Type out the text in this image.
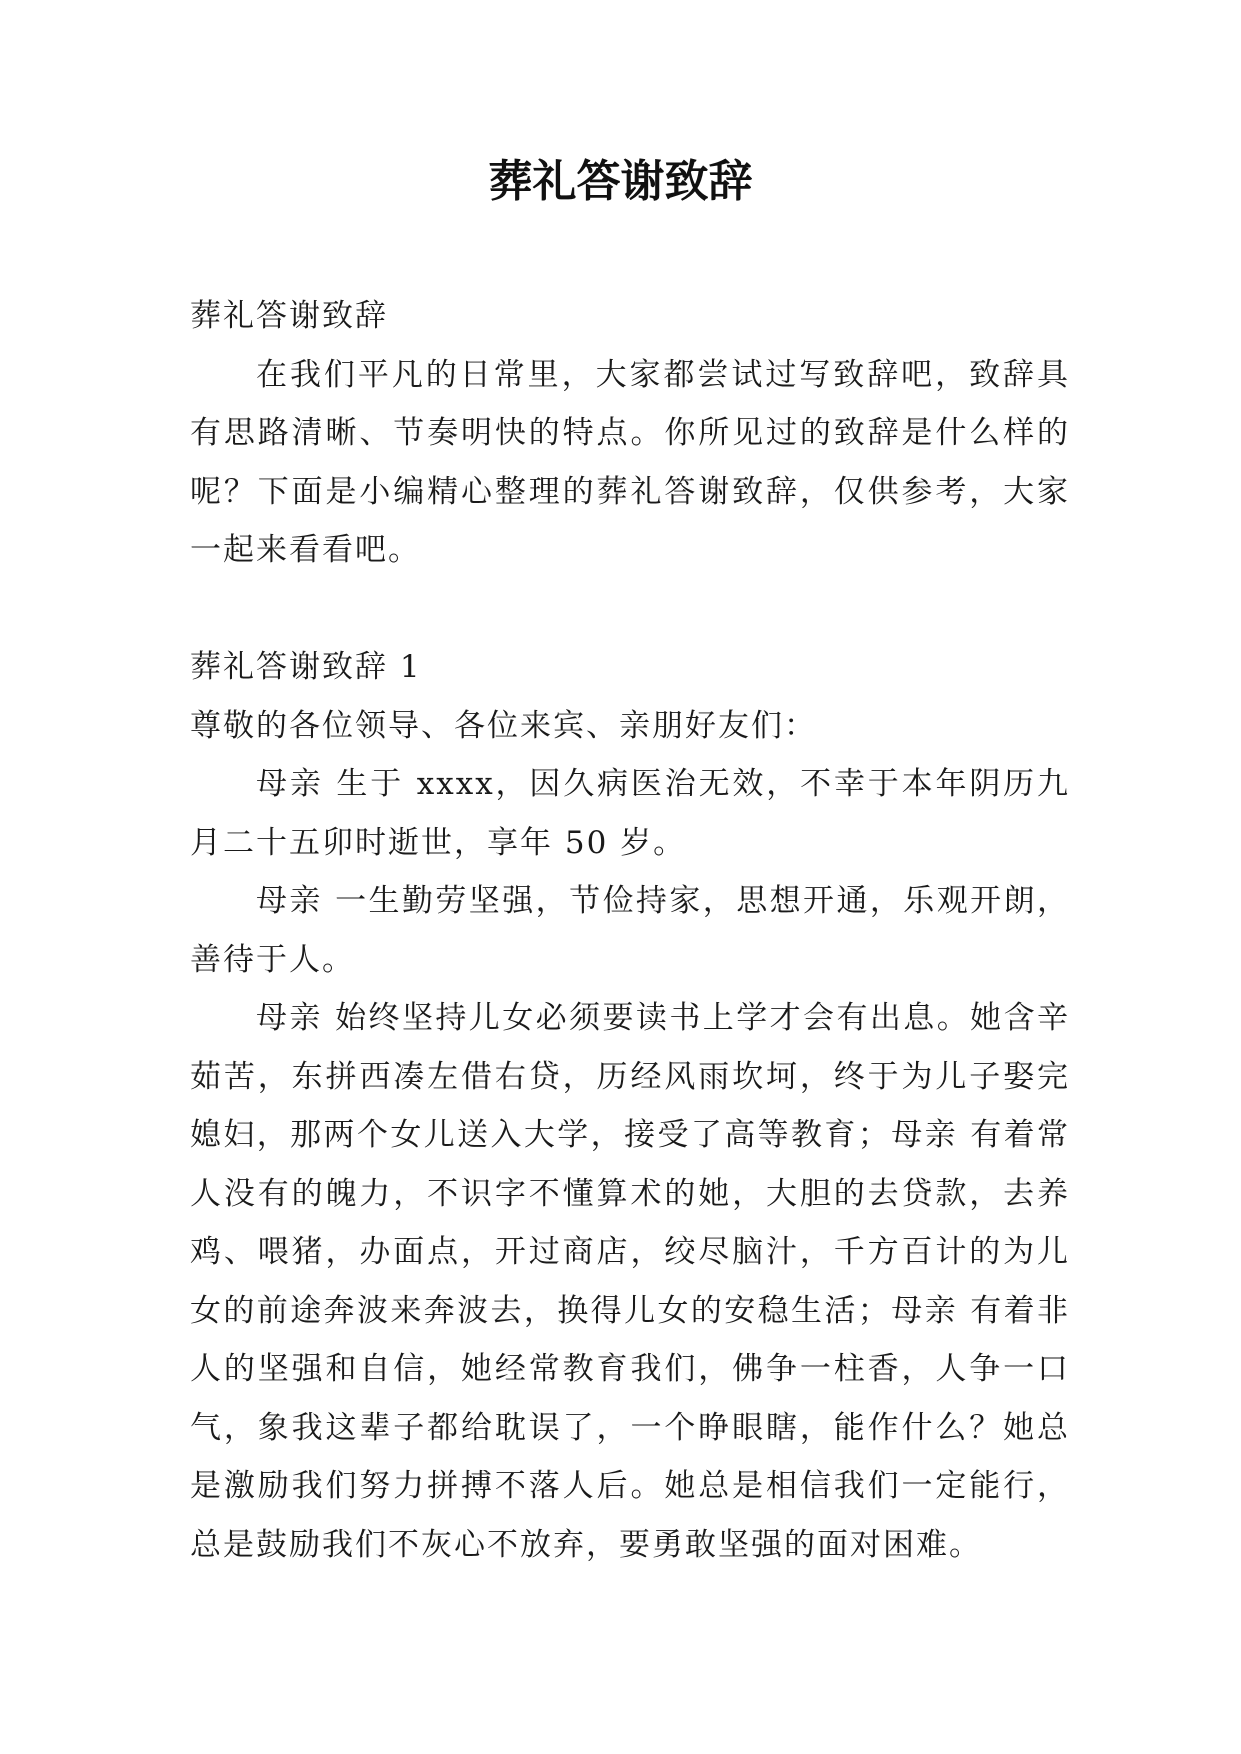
葬礼答谢致辞

葬礼答谢致辞

在我们平凡的日常里，大家都尝试过写致辞吧，致辞具有思路清晰、节奏明快的特点。你所见过的致辞是什么样的呢？下面是小编精心整理的葬礼答谢致辞，仅供参考，大家一起来看看吧。

葬礼答谢致辞 1

尊敬的各位领导、各位来宾、亲朋好友们：

母亲 生于 xxxx，因久病医治无效，不幸于本年阴历九月二十五卯时逝世，享年 50 岁。

母亲 一生勤劳坚强，节俭持家，思想开通，乐观开朗，善待于人。

母亲 始终坚持儿女必须要读书上学才会有出息。她含辛茹苦，东拼西凑左借右贷，历经风雨坎坷，终于为儿子娶完媳妇，那两个女儿送入大学，接受了高等教育；母亲 有着常人没有的魄力，不识字不懂算术的她，大胆的去贷款，去养鸡、喂猪，办面点，开过商店，绞尽脑汁，千方百计的为儿女的前途奔波来奔波去，换得儿女的安稳生活；母亲 有着非人的坚强和自信，她经常教育我们，佛争一柱香，人争一口气，象我这辈子都给耽误了，一个睁眼瞎，能作什么？她总是激励我们努力拼搏不落人后。她总是相信我们一定能行，总是鼓励我们不灰心不放弃，要勇敢坚强的面对困难。
